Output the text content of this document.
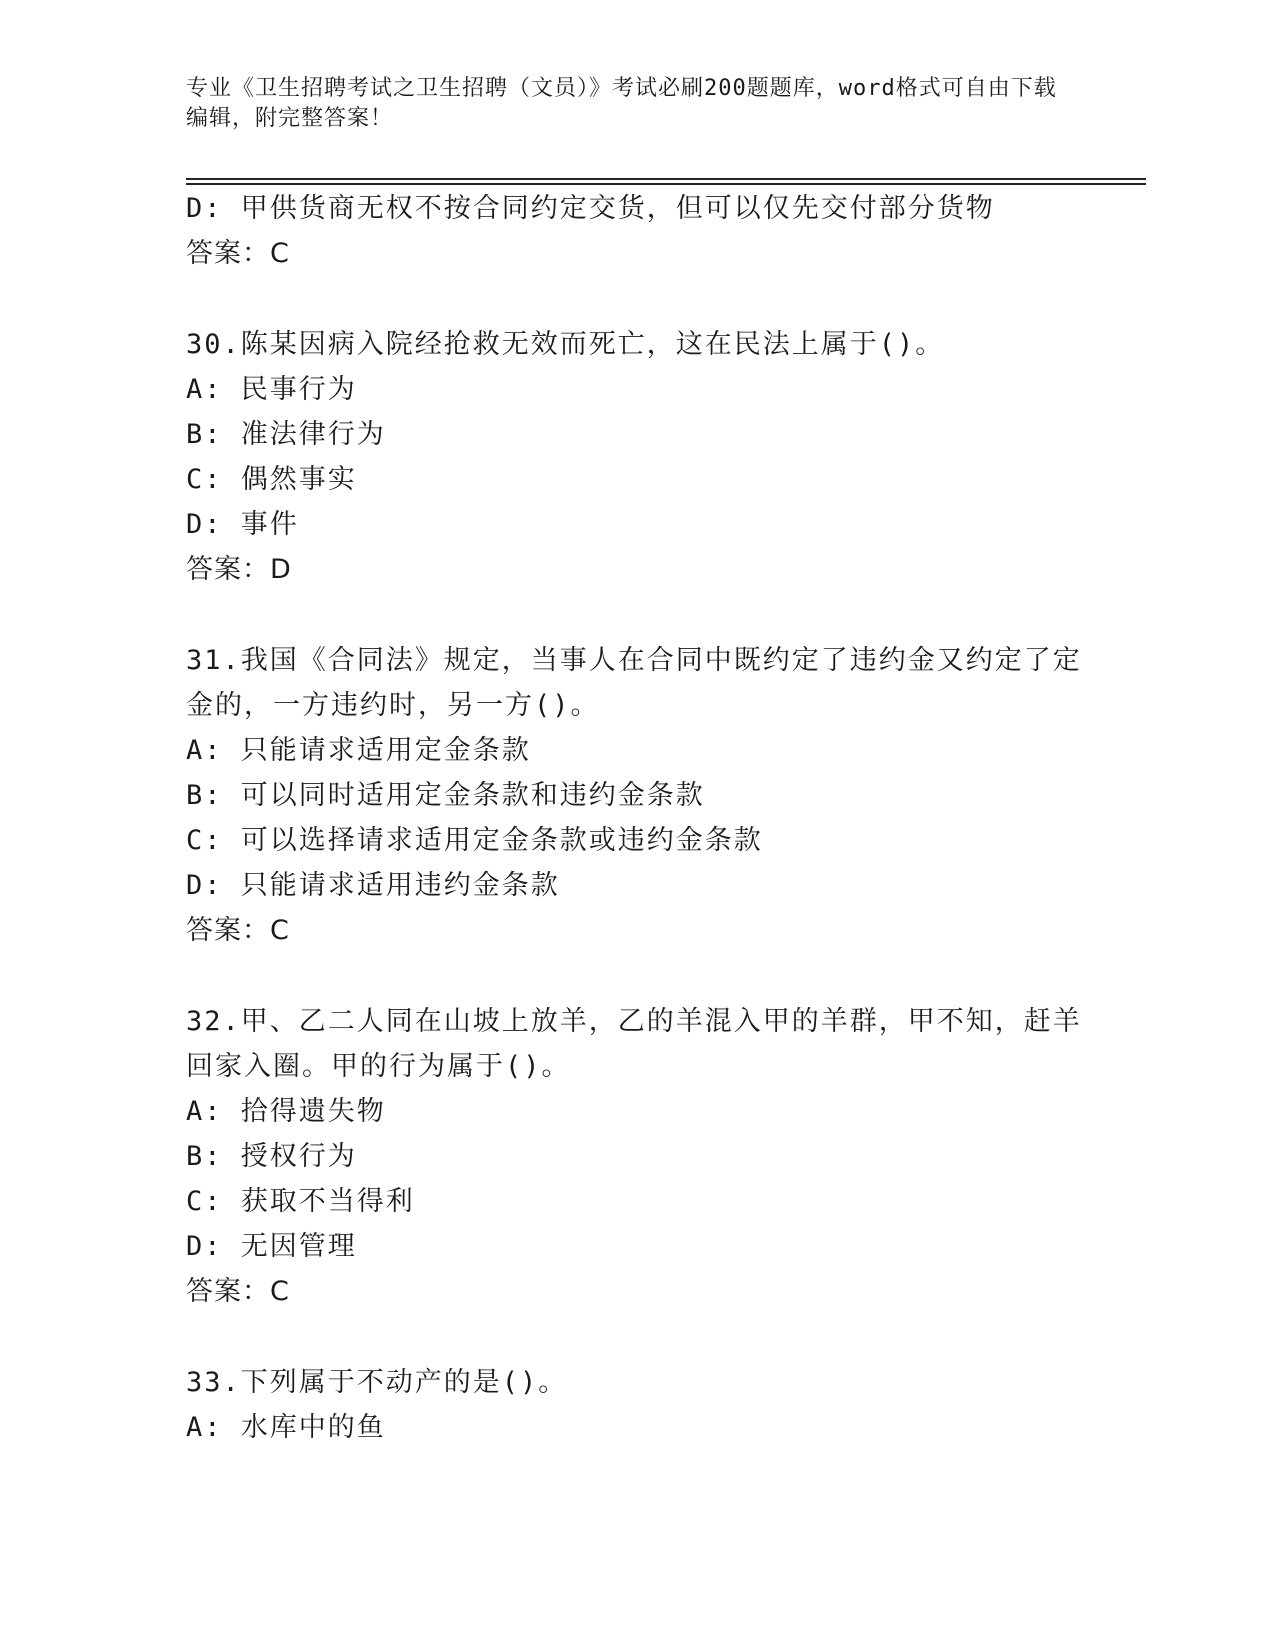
专业《卫生招聘考试之卫生招聘（文员）》考试必刷200题题库，word格式可自由下载编辑，附完整答案！
D: 甲供货商无权不按合同约定交货，但可以仅先交付部分货物
答案：C
30.陈某因病入院经抢救无效而死亡，这在民法上属于()。
A: 民事行为
B: 准法律行为
C: 偶然事实
D: 事件
答案：D
31.我国《合同法》规定，当事人在合同中既约定了违约金又约定了定
金的，一方违约时，另一方()。
A: 只能请求适用定金条款
B: 可以同时适用定金条款和违约金条款
C: 可以选择请求适用定金条款或违约金条款
D: 只能请求适用违约金条款
答案：C
32.甲、乙二人同在山坡上放羊，乙的羊混入甲的羊群，甲不知，赶羊
回家入圈。甲的行为属于()。
A: 拾得遗失物
B: 授权行为
C: 获取不当得利
D: 无因管理
答案：C
33.下列属于不动产的是()。
A: 水库中的鱼
